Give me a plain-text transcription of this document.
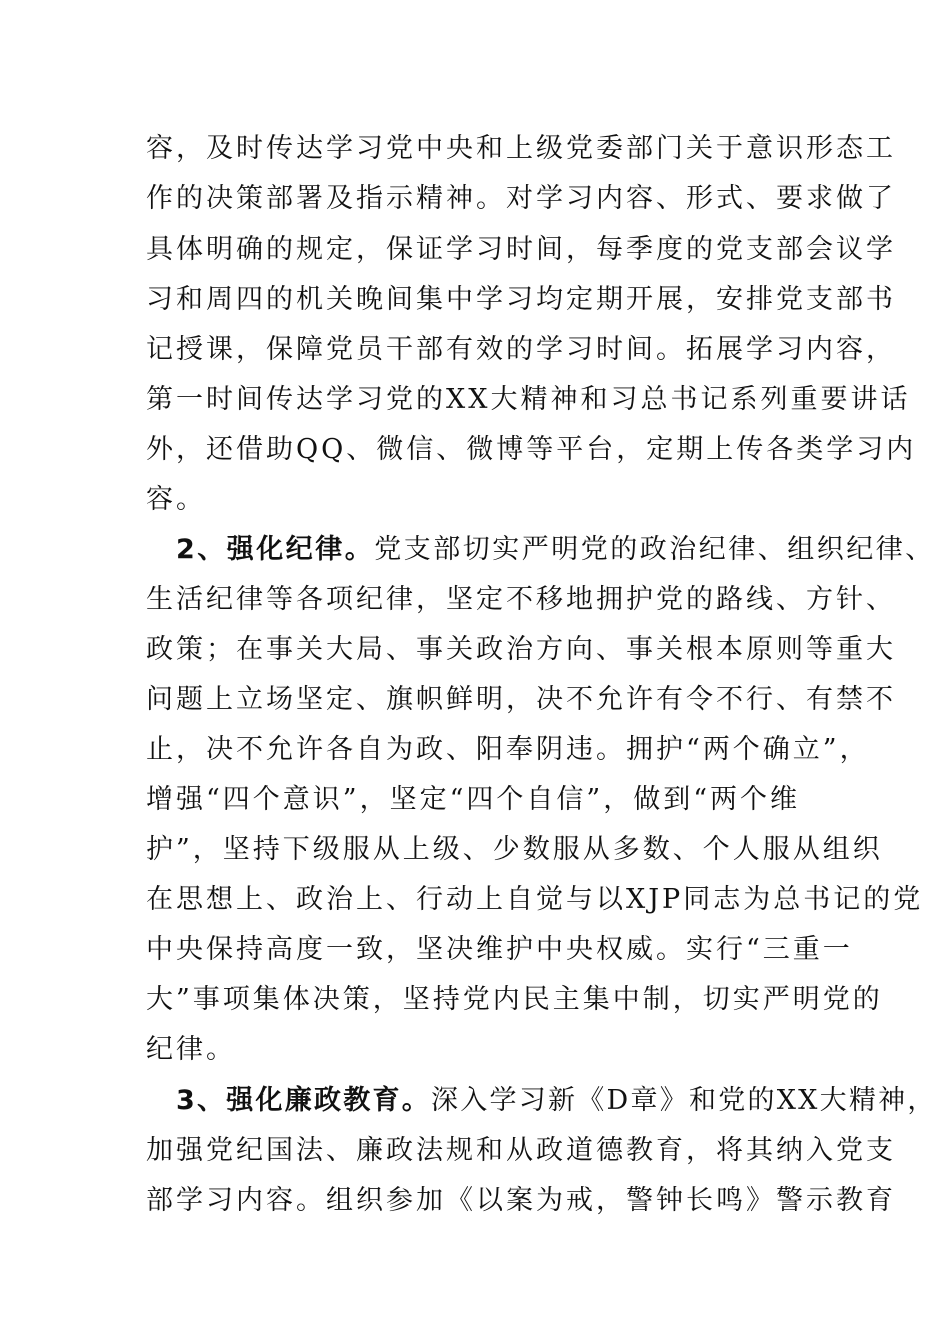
容，及时传达学习党中央和上级党委部门关于意识形态工
作的决策部署及指示精神。对学习内容、形式、要求做了
具体明确的规定，保证学习时间，每季度的党支部会议学
习和周四的机关晚间集中学习均定期开展，安排党支部书
记授课，保障党员干部有效的学习时间。拓展学习内容，
第一时间传达学习党的XX大精神和习总书记系列重要讲话
外，还借助QQ、微信、微博等平台，定期上传各类学习内
容。
2、强化纪律。党支部切实严明党的政治纪律、组织纪律、
生活纪律等各项纪律，坚定不移地拥护党的路线、方针、
政策；在事关大局、事关政治方向、事关根本原则等重大
问题上立场坚定、旗帜鲜明，决不允许有令不行、有禁不
止，决不允许各自为政、阳奉阴违。拥护“两个确立”，
增强“四个意识”，坚定“四个自信”，做到“两个维
护”，坚持下级服从上级、少数服从多数、个人服从组织
在思想上、政治上、行动上自觉与以XJP同志为总书记的党
中央保持高度一致，坚决维护中央权威。实行“三重一
大”事项集体决策，坚持党内民主集中制，切实严明党的
纪律。
3、强化廉政教育。深入学习新《D章》和党的XX大精神，
加强党纪国法、廉政法规和从政道德教育，将其纳入党支
部学习内容。组织参加《以案为戒，警钟长鸣》警示教育
